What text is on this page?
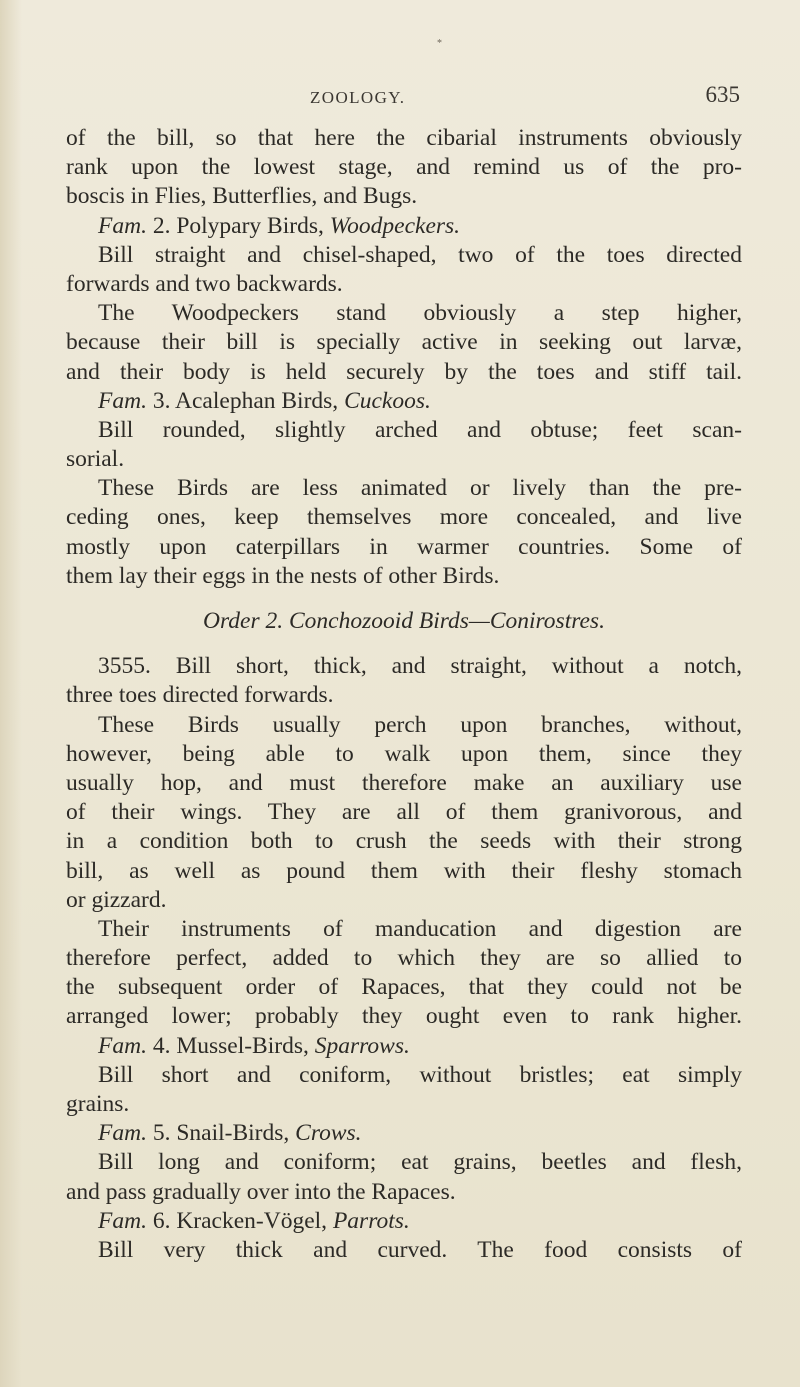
*
ZOOLOGY.	635
of the bill, so that here the cibarial instruments obviously
rank upon the lowest stage, and remind us of the pro-
boscis in Flies, Butterflies, and Bugs.
Fam. 2. Polypary Birds, Woodpeckers.
Bill straight and chisel-shaped, two of the toes directed
forwards and two backwards.
The Woodpeckers stand obviously a step higher,
because their bill is specially active in seeking out larvæ,
and their body is held securely by the toes and stiff tail.
Fam. 3. Acalephan Birds, Cuckoos.
Bill rounded, slightly arched and obtuse; feet scan-
sorial.
These Birds are less animated or lively than the pre-
ceding ones, keep themselves more concealed, and live
mostly upon caterpillars in warmer countries. Some of
them lay their eggs in the nests of other Birds.
Order 2. Conchozooid Birds—Conirostres.
3555. Bill short, thick, and straight, without a notch,
three toes directed forwards.
These Birds usually perch upon branches, without,
however, being able to walk upon them, since they
usually hop, and must therefore make an auxiliary use
of their wings. They are all of them granivorous, and
in a condition both to crush the seeds with their strong
bill, as well as pound them with their fleshy stomach
or gizzard.
Their instruments of manducation and digestion are
therefore perfect, added to which they are so allied to
the subsequent order of Rapaces, that they could not be
arranged lower; probably they ought even to rank higher.
Fam. 4. Mussel-Birds, Sparrows.
Bill short and coniform, without bristles; eat simply
grains.
Fam. 5. Snail-Birds, Crows.
Bill long and coniform; eat grains, beetles and flesh,
and pass gradually over into the Rapaces.
Fam. 6. Kracken-Vögel, Parrots.
Bill very thick and curved. The food consists of
